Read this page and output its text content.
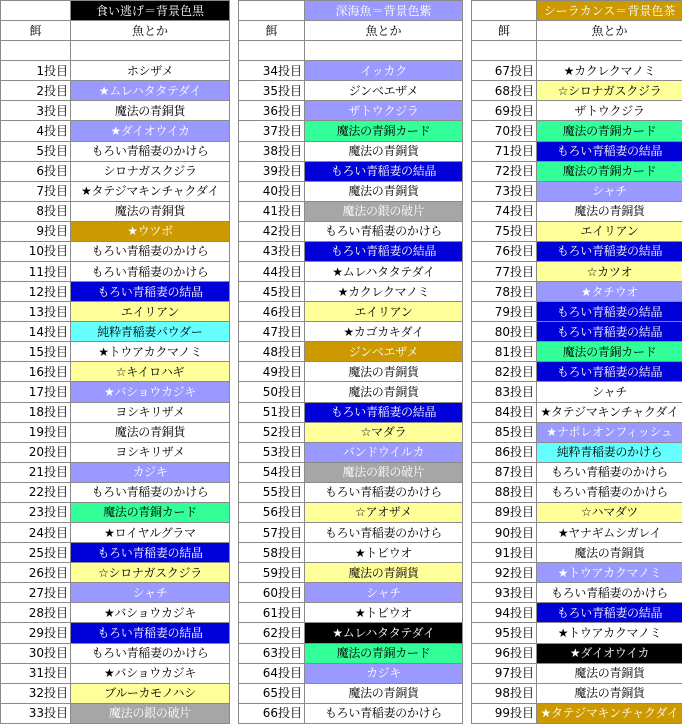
	食い逃げ＝背景色黒			深海魚＝背景色紫			シーラカンス＝背景色茶
餌	魚とか		餌	魚とか		餌	魚とか

1投目	ホシザメ		34投目	イッカク		67投目	★カクレクマノミ
2投目	★ムレハタタテダイ		35投目	ジンベエザメ		68投目	☆シロナガスクジラ
3投目	魔法の青銅貨		36投目	ザトウクジラ		69投目	ザトウクジラ
4投目	★ダイオウイカ		37投目	魔法の青銅カード		70投目	魔法の青銅カード
5投目	もろい青稲妻のかけら		38投目	魔法の青銅貨		71投目	もろい青稲妻の結晶
6投目	シロナガスクジラ		39投目	もろい青稲妻の結晶		72投目	魔法の青銅カード
7投目	★タテジマキンチャクダイ		40投目	魔法の青銅貨		73投目	シャチ
8投目	魔法の青銅貨		41投目	魔法の銀の破片		74投目	魔法の青銅貨
9投目	★ウツボ		42投目	もろい青稲妻のかけら		75投目	エイリアン
10投目	もろい青稲妻のかけら		43投目	もろい青稲妻の結晶		76投目	もろい青稲妻の結晶
11投目	もろい青稲妻のかけら		44投目	★ムレハタタテダイ		77投目	☆カツオ
12投目	もろい青稲妻の結晶		45投目	★カクレクマノミ		78投目	★タチウオ
13投目	エイリアン		46投目	エイリアン		79投目	もろい青稲妻の結晶
14投目	純粋青稲妻パウダー		47投目	★カゴカキダイ		80投目	もろい青稲妻の結晶
15投目	★トウアカクマノミ		48投目	ジンベエザメ		81投目	魔法の青銅カード
16投目	☆キイロハギ		49投目	魔法の青銅貨		82投目	もろい青稲妻の結晶
17投目	★バショウカジキ		50投目	魔法の青銅貨		83投目	シャチ
18投目	ヨシキリザメ		51投目	もろい青稲妻の結晶		84投目	★タテジマキンチャクダイ
19投目	魔法の青銅貨		52投目	☆マダラ		85投目	★ナポレオンフィッシュ
20投目	ヨシキリザメ		53投目	バンドウイルカ		86投目	純粋青稲妻のかけら
21投目	カジキ		54投目	魔法の銀の破片		87投目	もろい青稲妻のかけら
22投目	もろい青稲妻のかけら		55投目	もろい青稲妻のかけら		88投目	もろい青稲妻のかけら
23投目	魔法の青銅カード		56投目	☆アオザメ		89投目	☆ハマダツ
24投目	★ロイヤルグラマ		57投目	もろい青稲妻のかけら		90投目	★ヤナギムシガレイ
25投目	もろい青稲妻の結晶		58投目	★トビウオ		91投目	魔法の青銅貨
26投目	☆シロナガスクジラ		59投目	魔法の青銅貨		92投目	★トウアカクマノミ
27投目	シャチ		60投目	シャチ		93投目	もろい青稲妻のかけら
28投目	★バショウカジキ		61投目	★トビウオ		94投目	もろい青稲妻の結晶
29投目	もろい青稲妻の結晶		62投目	★ムレハタタテダイ		95投目	★トウアカクマノミ
30投目	もろい青稲妻のかけら		63投目	魔法の青銅カード		96投目	★ダイオウイカ
31投目	★バショウカジキ		64投目	カジキ		97投目	魔法の青銅貨
32投目	ブルーカモノハシ		65投目	魔法の青銅貨		98投目	魔法の青銅貨
33投目	魔法の銀の破片		66投目	もろい青稲妻のかけら		99投目	★タテジマキンチャクダイ
